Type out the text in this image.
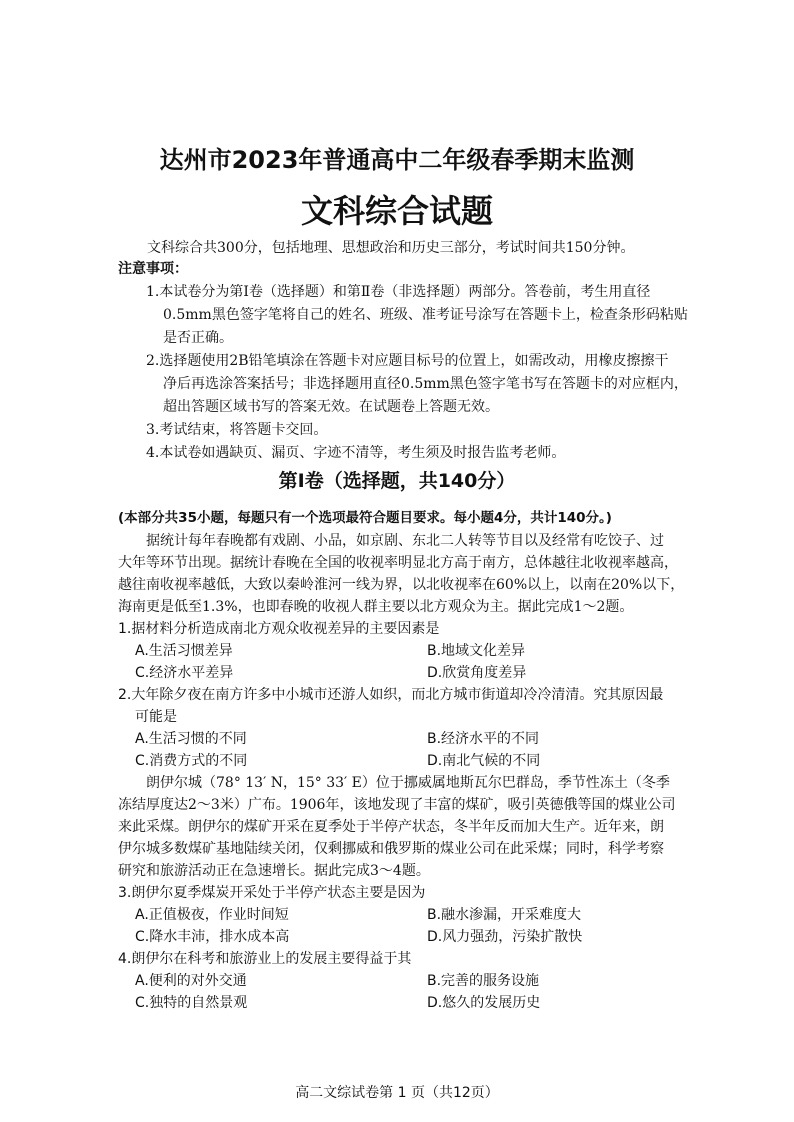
达州市2023年普通高中二年级春季期末监测
文科综合试题
文科综合共300分，包括地理、思想政治和历史三部分，考试时间共150分钟。
注意事项：
1.本试卷分为第Ⅰ卷（选择题）和第Ⅱ卷（非选择题）两部分。答卷前，考生用直径
0.5mm黑色签字笔将自己的姓名、班级、准考证号涂写在答题卡上，检查条形码粘贴
是否正确。
2.选择题使用2B铅笔填涂在答题卡对应题目标号的位置上，如需改动，用橡皮擦擦干
净后再选涂答案括号；非选择题用直径0.5mm黑色签字笔书写在答题卡的对应框内，
超出答题区域书写的答案无效。在试题卷上答题无效。
3.考试结束，将答题卡交回。
4.本试卷如遇缺页、漏页、字迹不清等，考生须及时报告监考老师。
第Ⅰ卷（选择题，共140分）
(本部分共35小题，每题只有一个选项最符合题目要求。每小题4分，共计140分。)
据统计每年春晚都有戏剧、小品，如京剧、东北二人转等节目以及经常有吃饺子、过
大年等环节出现。据统计春晚在全国的收视率明显北方高于南方，总体越往北收视率越高，
越往南收视率越低，大致以秦岭淮河一线为界，以北收视率在60%以上，以南在20%以下，
海南更是低至1.3%，也即春晚的收视人群主要以北方观众为主。据此完成1～2题。
1.据材料分析造成南北方观众收视差异的主要因素是
A.生活习惯差异	B.地域文化差异
C.经济水平差异	D.欣赏角度差异
2.大年除夕夜在南方许多中小城市还游人如织，而北方城市街道却冷冷清清。究其原因最
可能是
A.生活习惯的不同	B.经济水平的不同
C.消费方式的不同	D.南北气候的不同
朗伊尔城（78° 13′ N，15° 33′ E）位于挪威属地斯瓦尔巴群岛，季节性冻土（冬季
冻结厚度达2～3米）广布。1906年，该地发现了丰富的煤矿，吸引英德俄等国的煤业公司
来此采煤。朗伊尔的煤矿开采在夏季处于半停产状态，冬半年反而加大生产。近年来，朗
伊尔城多数煤矿基地陆续关闭，仅剩挪威和俄罗斯的煤业公司在此采煤；同时，科学考察
研究和旅游活动正在急速增长。据此完成3～4题。
3.朗伊尔夏季煤炭开采处于半停产状态主要是因为
A.正值极夜，作业时间短	B.融水渗漏，开采难度大
C.降水丰沛，排水成本高	D.风力强劲，污染扩散快
4.朗伊尔在科考和旅游业上的发展主要得益于其
A.便利的对外交通	B.完善的服务设施
C.独特的自然景观	D.悠久的发展历史
高二文综试卷第 1 页（共12页）
